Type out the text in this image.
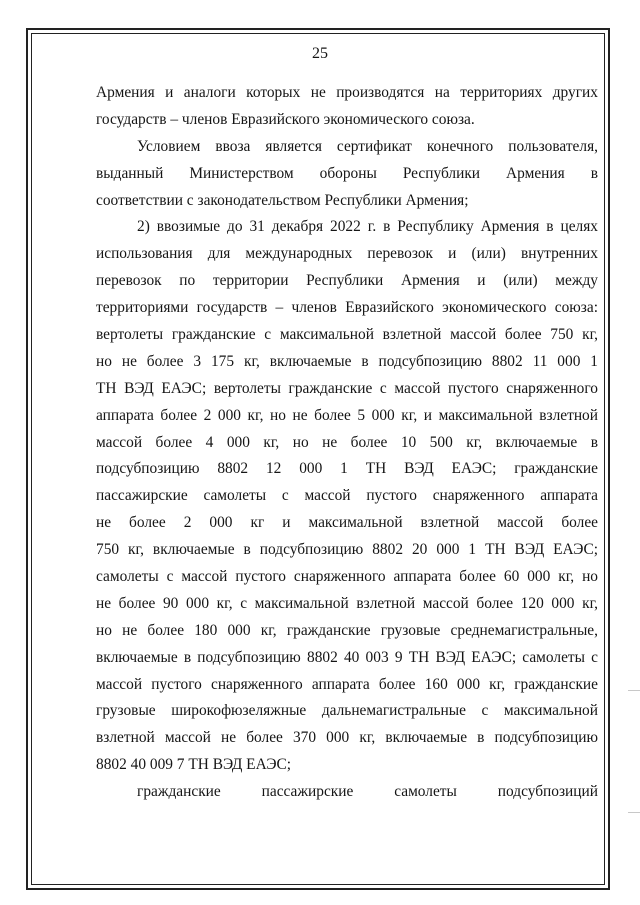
25
Армения и аналоги которых не производятся на территориях других
государств – членов Евразийского экономического союза.
Условием ввоза является сертификат конечного пользователя,
выданный Министерством обороны Республики Армения в
соответствии с законодательством Республики Армения;
2) ввозимые до 31 декабря 2022 г. в Республику Армения в целях
использования для международных перевозок и (или) внутренних
перевозок по территории Республики Армения и (или) между
территориями государств – членов Евразийского экономического союза:
вертолеты гражданские с максимальной взлетной массой более 750 кг,
но не более 3 175 кг, включаемые в подсубпозицию 8802 11 000 1
ТН ВЭД ЕАЭС; вертолеты гражданские с массой пустого снаряженного
аппарата более 2 000 кг, но не более 5 000 кг, и максимальной взлетной
массой более 4 000 кг, но не более 10 500 кг, включаемые в
подсубпозицию 8802 12 000 1 ТН ВЭД ЕАЭС; гражданские
пассажирские самолеты с массой пустого снаряженного аппарата
не более 2 000 кг и максимальной взлетной массой более
750 кг, включаемые в подсубпозицию 8802 20 000 1 ТН ВЭД ЕАЭС;
самолеты с массой пустого снаряженного аппарата более 60 000 кг, но
не более 90 000 кг, с максимальной взлетной массой более 120 000 кг,
но не более 180 000 кг, гражданские грузовые среднемагистральные,
включаемые в подсубпозицию 8802 40 003 9 ТН ВЭД ЕАЭС; самолеты с
массой пустого снаряженного аппарата более 160 000 кг, гражданские
грузовые широкофюзеляжные дальнемагистральные с максимальной
взлетной массой не более 370 000 кг, включаемые в подсубпозицию
8802 40 009 7 ТН ВЭД ЕАЭС;
гражданские пассажирские самолеты подсубпозиций
